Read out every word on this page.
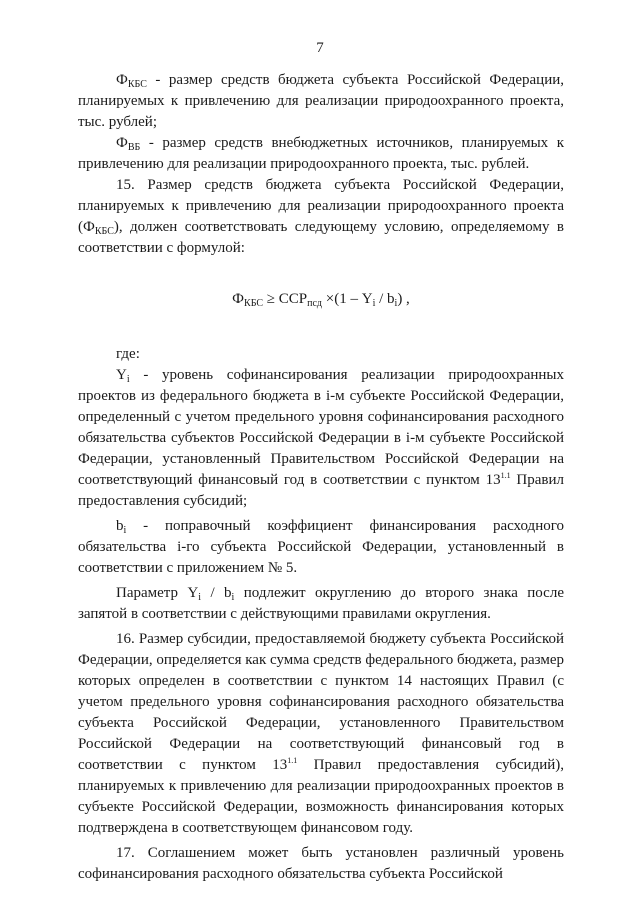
7

$Ф_{КБС}$ - размер средств бюджета субъекта Российской Федерации, планируемых к привлечению для реализации природоохранного проекта, тыс. рублей;

$Ф_{ВБ}$ - размер средств внебюджетных источников, планируемых к привлечению для реализации природоохранного проекта, тыс. рублей.

15. Размер средств бюджета субъекта Российской Федерации, планируемых к привлечению для реализации природоохранного проекта $(Ф_{КБС})$, должен соответствовать следующему условию, определяемому в соответствии с формулой:

$Ф_{КБС} \ge ССР_{псд} \times(1 - Y_i / b_i)$ ,

где:

$Y_i$ - уровень софинансирования реализации природоохранных проектов из федерального бюджета в i-м субъекте Российской Федерации, определенный с учетом предельного уровня софинансирования расходного обязательства субъектов Российской Федерации в i-м субъекте Российской Федерации, установленный Правительством Российской Федерации на соответствующий финансовый год в соответствии с пунктом $13^{1.1}$ Правил предоставления субсидий;

$b_i$ - поправочный коэффициент финансирования расходного обязательства i-го субъекта Российской Федерации, установленный в соответствии с приложением № 5.

Параметр $Y_i / b_i$ подлежит округлению до второго знака после запятой в соответствии с действующими правилами округления.

16. Размер субсидии, предоставляемой бюджету субъекта Российской Федерации, определяется как сумма средств федерального бюджета, размер которых определен в соответствии с пунктом 14 настоящих Правил (с учетом предельного уровня софинансирования расходного обязательства субъекта Российской Федерации, установленного Правительством Российской Федерации на соответствующий финансовый год в соответствии с пунктом $13^{1.1}$ Правил предоставления субсидий), планируемых к привлечению для реализации природоохранных проектов в субъекте Российской Федерации, возможность финансирования которых подтверждена в соответствующем финансовом году.

17. Соглашением может быть установлен различный уровень софинансирования расходного обязательства субъекта Российской
